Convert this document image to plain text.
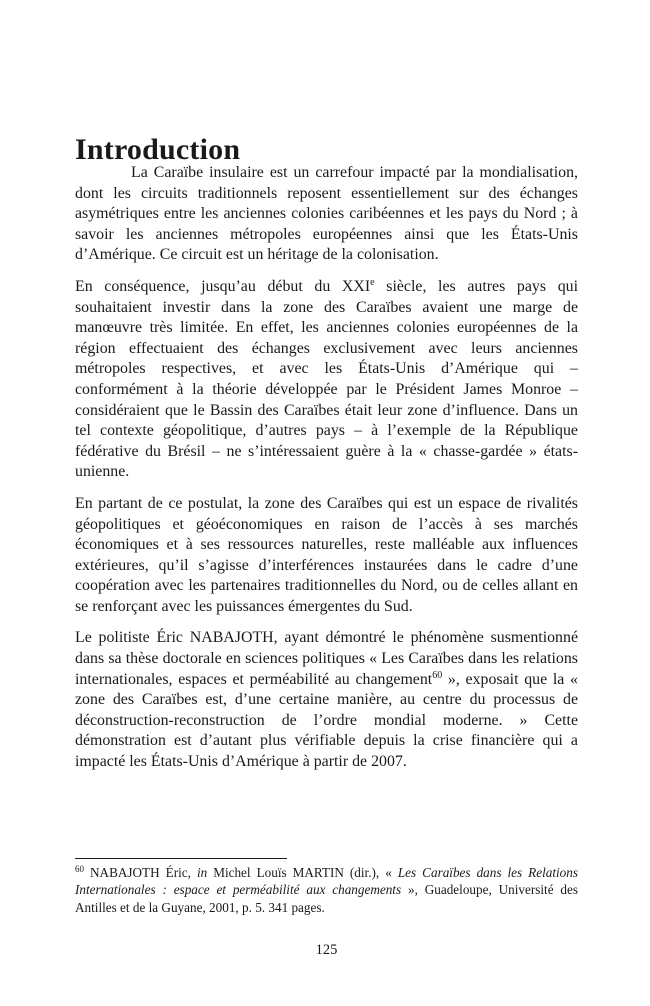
Introduction

La Caraïbe insulaire est un carrefour impacté par la mondialisation, dont les circuits traditionnels reposent essentiellement sur des échanges asymétriques entre les anciennes colonies caribéennes et les pays du Nord ; à savoir les anciennes métropoles européennes ainsi que les États-Unis d’Amérique. Ce circuit est un héritage de la colonisation.

En conséquence, jusqu’au début du XXIe siècle, les autres pays qui souhaitaient investir dans la zone des Caraïbes avaient une marge de manœuvre très limitée. En effet, les anciennes colonies européennes de la région effectuaient des échanges exclusivement avec leurs anciennes métropoles respectives, et avec les États-Unis d’Amérique qui – conformément à la théorie développée par le Président James Monroe – considéraient que le Bassin des Caraïbes était leur zone d’influence. Dans un tel contexte géopolitique, d’autres pays – à l’exemple de la République fédérative du Brésil – ne s’intéressaient guère à la « chasse-gardée » états-unienne.

En partant de ce postulat, la zone des Caraïbes qui est un espace de rivalités géopolitiques et géoéconomiques en raison de l’accès à ses marchés économiques et à ses ressources naturelles, reste malléable aux influences extérieures, qu’il s’agisse d’interférences instaurées dans le cadre d’une coopération avec les partenaires traditionnelles du Nord, ou de celles allant en se renforçant avec les puissances émergentes du Sud.

Le politiste Éric NABAJOTH, ayant démontré le phénomène susmentionné dans sa thèse doctorale en sciences politiques « Les Caraïbes dans les relations internationales, espaces et perméabilité au changement$^{60}$ », exposait que la « zone des Caraïbes est, d’une certaine manière, au centre du processus de déconstruction-reconstruction de l’ordre mondial moderne. » Cette démonstration est d’autant plus vérifiable depuis la crise financière qui a impacté les États-Unis d’Amérique à partir de 2007.

$^{60}$ NABAJOTH Éric, in Michel Louïs MARTIN (dir.), « Les Caraïbes dans les Relations Internationales : espace et perméabilité aux changements », Guadeloupe, Université des Antilles et de la Guyane, 2001, p. 5. 341 pages.
125
